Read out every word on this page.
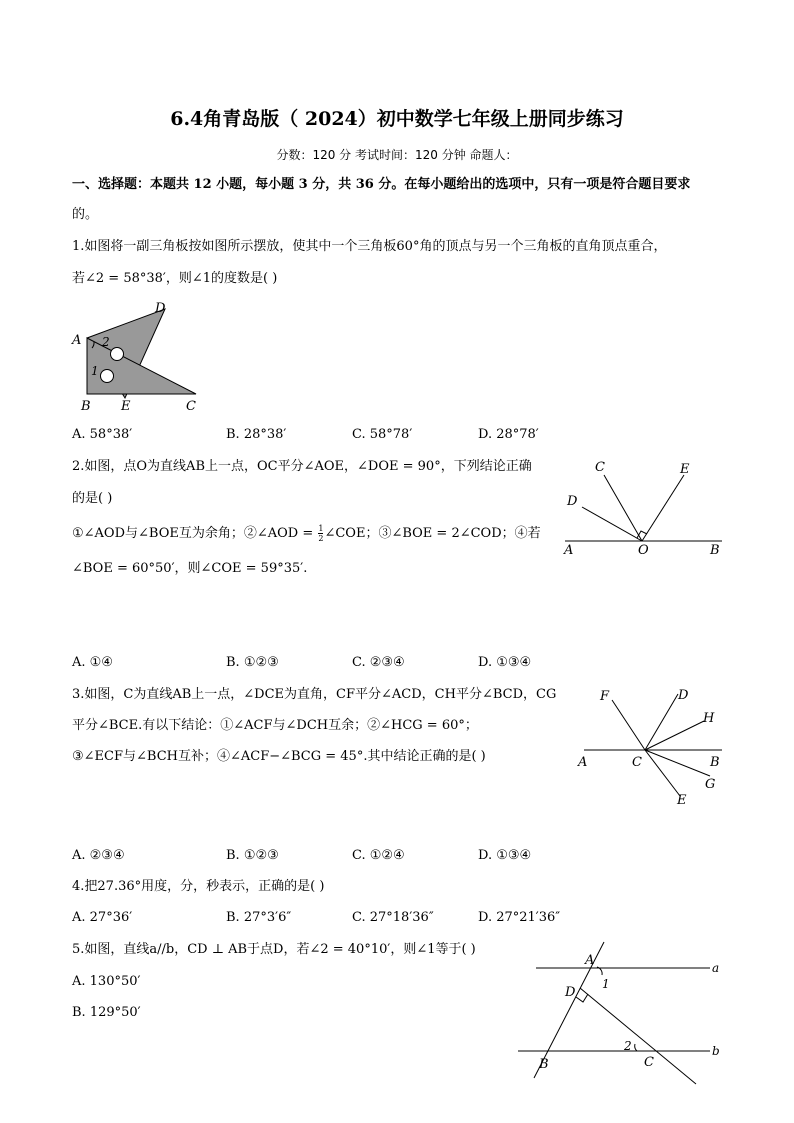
6.4角青岛版（ 2024）初中数学七年级上册同步练习
分数：120 分 考试时间：120 分钟 命题人：
一、选择题：本题共 12 小题，每小题 3 分，共 36 分。在每小题给出的选项中，只有一项是符合题目要求
的。
1.如图将一副三角板按如图所示摆放，使其中一个三角板60°角的顶点与另一个三角板的直角顶点重合，
若∠2 = 58°38′，则∠1的度数是( )
A
B	C
D
E
1
2
A. 58°38′	B. 28°38′	C. 58°78′	D. 28°78′
2.如图，点O为直线AB上一点，OC平分∠AOE，∠DOE = 90°，下列结论正确
的是( )
①∠AOD与∠BOE互为余角；②∠AOD = $\frac{1}{2}$ ∠COE；③∠BOE = 2∠COD；④若
∠BOE = 60°50′，则∠COE = 59°35′.
A	B
C
D
E
O
A. ①④	B. ①②③	C. ②③④	D. ①③④
3.如图，C为直线AB上一点，∠DCE为直角，CF平分∠ACD，CH平分∠BCD，CG
平分∠BCE.有以下结论：①∠ACF与∠DCH互余；②∠HCG = 60°；
③∠ECF与∠BCH互补；④∠ACF−∠BCG = 45°.其中结论正确的是( )	A	B
C
D
E
F
G
H
A. ②③④	B. ①②③	C. ①②④	D. ①③④
4.把27.36°用度，分，秒表示，正确的是( )
A. 27°36′	B. 27°3′6″	C. 27°18′36″	D. 27°21′36″
5.如图，直线a//b，CD ⊥ AB于点D，若∠2 = 40°10′，则∠1等于( )
A. 130°50′
B. 129°50′
A
B	C
D
a
b
1
2
